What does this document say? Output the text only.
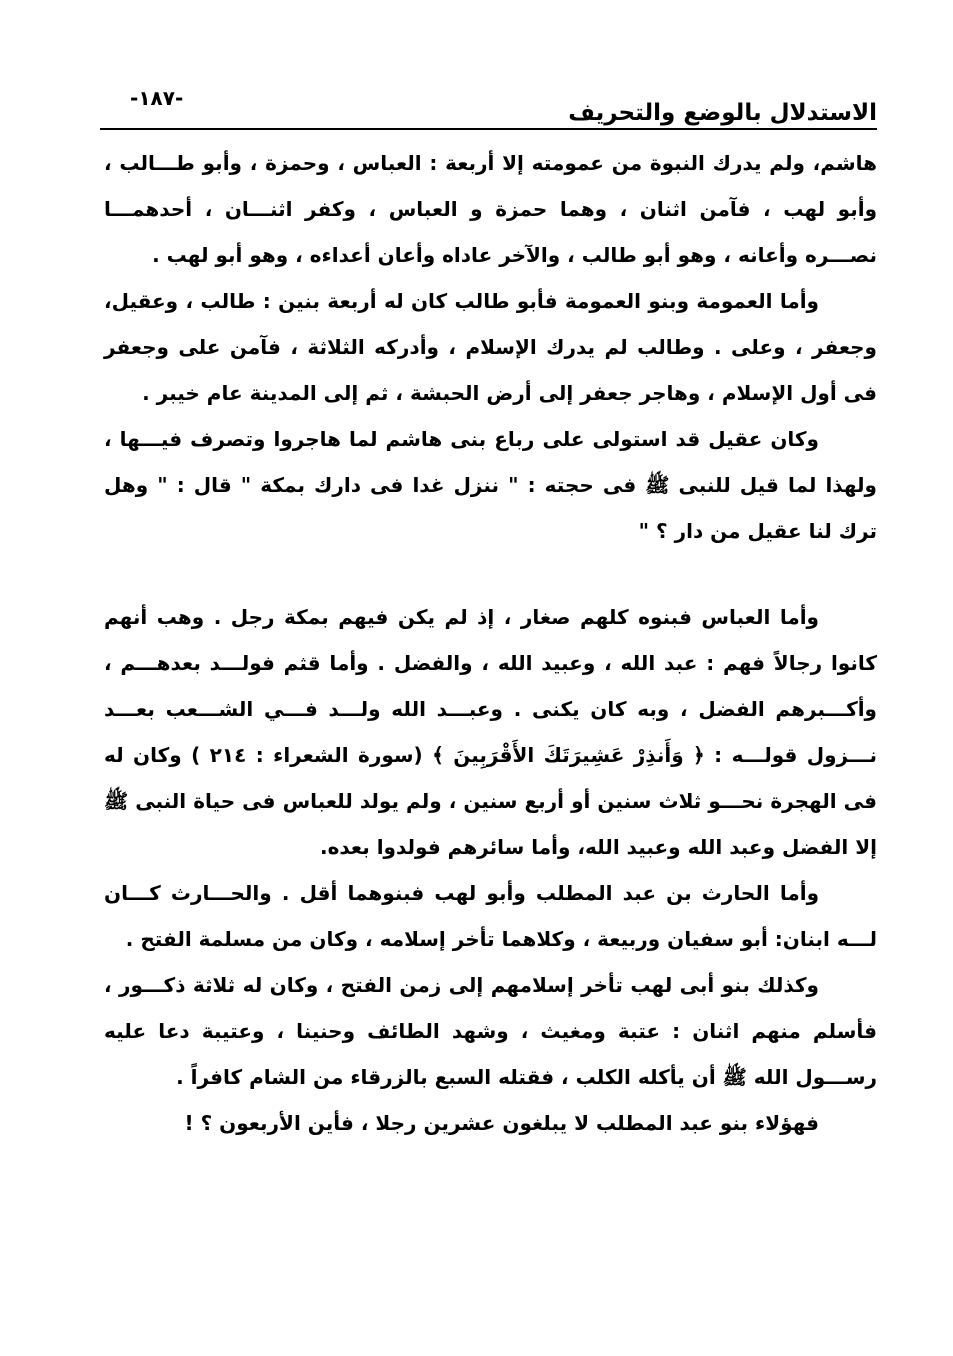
-١٨٧-
الاستدلال بالوضع والتحريف

هاشم، ولم يدرك النبوة من عمومته إلا أربعة : العباس ، وحمزة ، وأبو طـــالب ، وأبو لهب ، فآمن اثنان ، وهما حمزة و العباس ، وكفر اثنـــان ، أحدهمـــا نصـــره وأعانه ، وهو أبو طالب ، والآخر عاداه وأعان أعداءه ، وهو أبو لهب .

وأما العمومة وبنو العمومة فأبو طالب كان له أربعة بنين : طالب ، وعقيل، وجعفر ، وعلى . وطالب لم يدرك الإسلام ، وأدركه الثلاثة ، فآمن على وجعفر فى أول الإسلام ، وهاجر جعفر إلى أرض الحبشة ، ثم إلى المدينة عام خيبر .

وكان عقيل قد استولى على رباع بنى هاشم لما هاجروا وتصرف فيـــها ، ولهذا لما قيل للنبى ﷺ فى حجته : " ننزل غدا فى دارك بمكة " قال : " وهل ترك لنا عقيل من دار ؟ "

وأما العباس فبنوه كلهم صغار ، إذ لم يكن فيهم بمكة رجل . وهب أنهم كانوا رجالاً فهم : عبد الله ، وعبيد الله ، والفضل . وأما قثم فولـــد بعدهـــم ، وأكـــبرهم الفضل ، وبه كان يكنى . وعبـــد الله ولـــد فـــي الشـــعب بعـــد نـــزول قولـــه : ﴿ وَأَنذِرْ عَشِيرَتَكَ الأَقْرَبِينَ ﴾ (سورة الشعراء : ٢١٤ ) وكان له فى الهجرة نحـــو ثلاث سنين أو أربع سنين ، ولم يولد للعباس فى حياة النبى ﷺ إلا الفضل وعبد الله وعبيد الله، وأما سائرهم فولدوا بعده.

وأما الحارث بن عبد المطلب وأبو لهب فبنوهما أقل . والحـــارث كـــان لـــه ابنان: أبو سفيان وربيعة ، وكلاهما تأخر إسلامه ، وكان من مسلمة الفتح .

وكذلك بنو أبى لهب تأخر إسلامهم إلى زمن الفتح ، وكان له ثلاثة ذكـــور ، فأسلم منهم اثنان : عتبة ومغيث ، وشهد الطائف وحنينا ، وعتيبة دعا عليه رســـول الله ﷺ أن يأكله الكلب ، فقتله السبع بالزرقاء من الشام كافراً .

فهؤلاء بنو عبد المطلب لا يبلغون عشرين رجلا ، فأين الأربعون ؟ !
